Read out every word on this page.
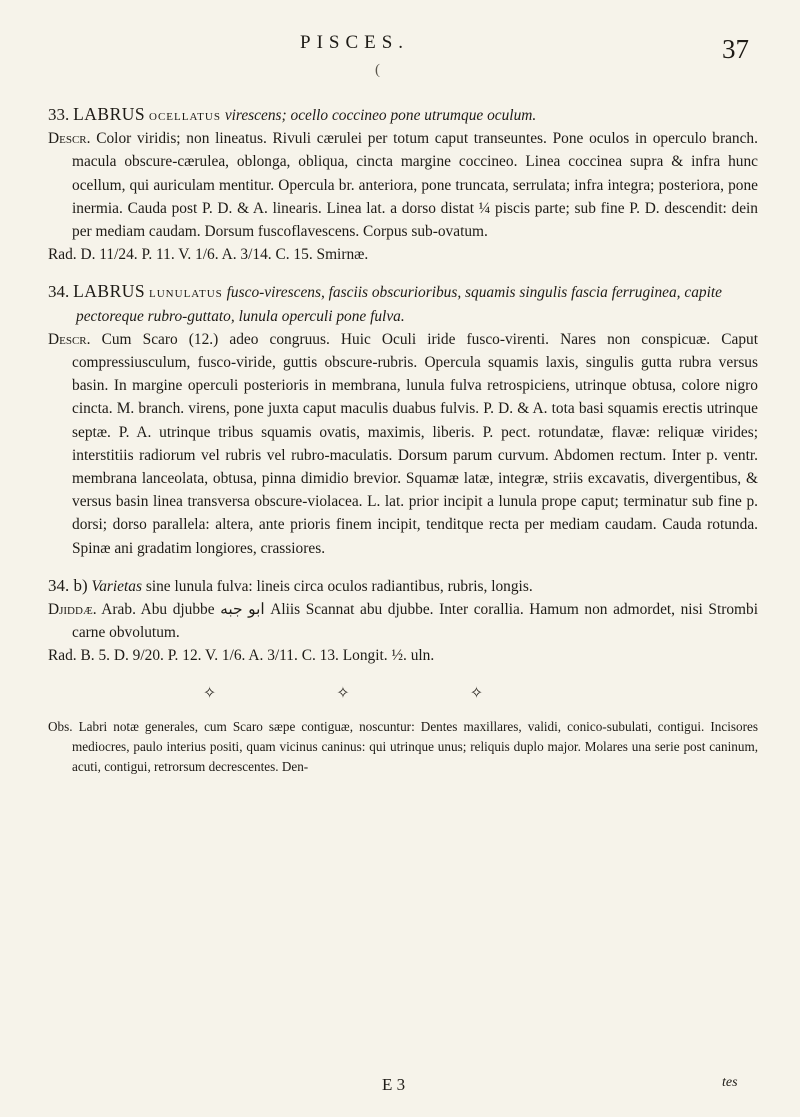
PISCES.	37
(
33. LABRUS ocellatus virescens; ocello coccineo pone utrumque oculum.
Descr. Color viridis; non lineatus. Rivuli cærulei per totum caput transeuntes. Pone oculos in operculo branch. macula obscure-cærulea, oblonga, obliqua, cincta margine coccineo. Linea coccinea supra & infra hunc ocellum, qui auriculam mentitur. Opercula br. anteriora, pone truncata, serrulata; infra integra; posteriora, pone inermia. Cauda post P. D. & A. linearis. Linea lat. a dorso distat ¼ piscis parte; sub fine P. D. descendit: dein per mediam caudam. Dorsum fuscoflavescens. Corpus sub-ovatum.
Rad. D. 11/24. P. 11. V. 1/6. A. 3/14. C. 15. Smirnæ.
34. LABRUS lunulatus fusco-virescens, fasciis obscurioribus, squamis singulis fascia ferruginea, capite pectoreque rubro-guttato, lunula operculi pone fulva.
Descr. Cum Scaro (12.) adeo congruus. Huic Oculi iride fusco-virenti. Nares non conspicuæ. Caput compressiusculum, fusco-viride, guttis obscure-rubris. Opercula squamis laxis, singulis gutta rubra versus basin. In margine operculi posterioris in membrana, lunula fulva retrospiciens, utrinque obtusa, colore nigro cincta. M. branch. virens, pone juxta caput maculis duabus fulvis. P. D. & A. tota basi squamis erectis utrinque septæ. P. A. utrinque tribus squamis ovatis, maximis, liberis. P. pect. rotundatæ, flavæ: reliquæ virides; interstitiis radiorum vel rubris vel rubro-maculatis. Dorsum parum curvum. Abdomen rectum. Inter p. ventr. membrana lanceolata, obtusa, pinna dimidio brevior. Squamæ latæ, integræ, striis excavatis, divergentibus, & versus basin linea transversa obscure-violacea. L. lat. prior incipit a lunula prope caput; terminatur sub fine p. dorsi; dorso parallela: altera, ante prioris finem incipit, tenditque recta per mediam caudam. Cauda rotunda. Spinæ ani gradatim longiores, crassiores.
34. b) Varietas sine lunula fulva: lineis circa oculos radiantibus, rubris, longis.
Djiddæ. Arab. Abu djubbe ابو جبه Aliis Scannat abu djubbe. Inter corallia. Hamum non admordet, nisi Strombi carne obvolutum.
Rad. B. 5. D. 9/20. P. 12. V. 1/6. A. 3/11. C. 13. Longit. ½. uln.
✧✧✧
Obs. Labri notæ generales, cum Scaro sæpe contiguæ, noscuntur: Dentes maxillares, validi, conico-subulati, contigui. Incisores mediocres, paulo interius positi, quam vicinus caninus: qui utrinque unus; reliquis duplo major. Molares una serie post caninum, acuti, contigui, retrorsum decrescentes. Den-
E 3	tes
